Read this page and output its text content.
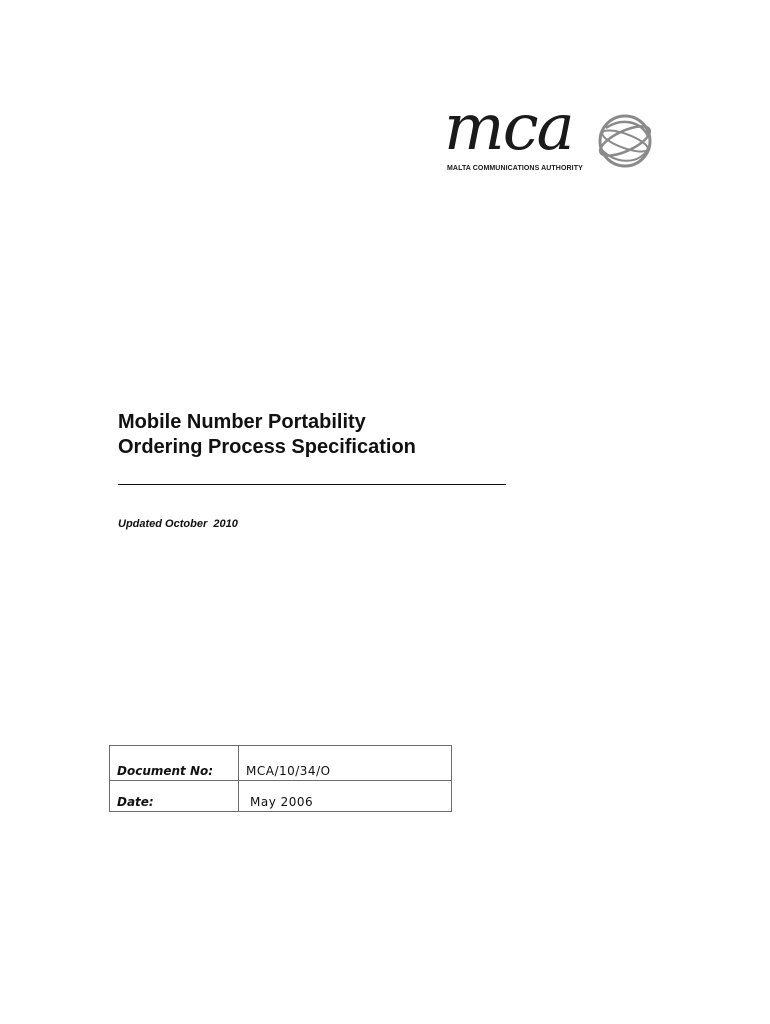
mca
MALTA COMMUNICATIONS AUTHORITY
Mobile Number Portability
Ordering Process Specification
Updated October  2010
Document No:	MCA/10/34/O
Date:	May 2006
